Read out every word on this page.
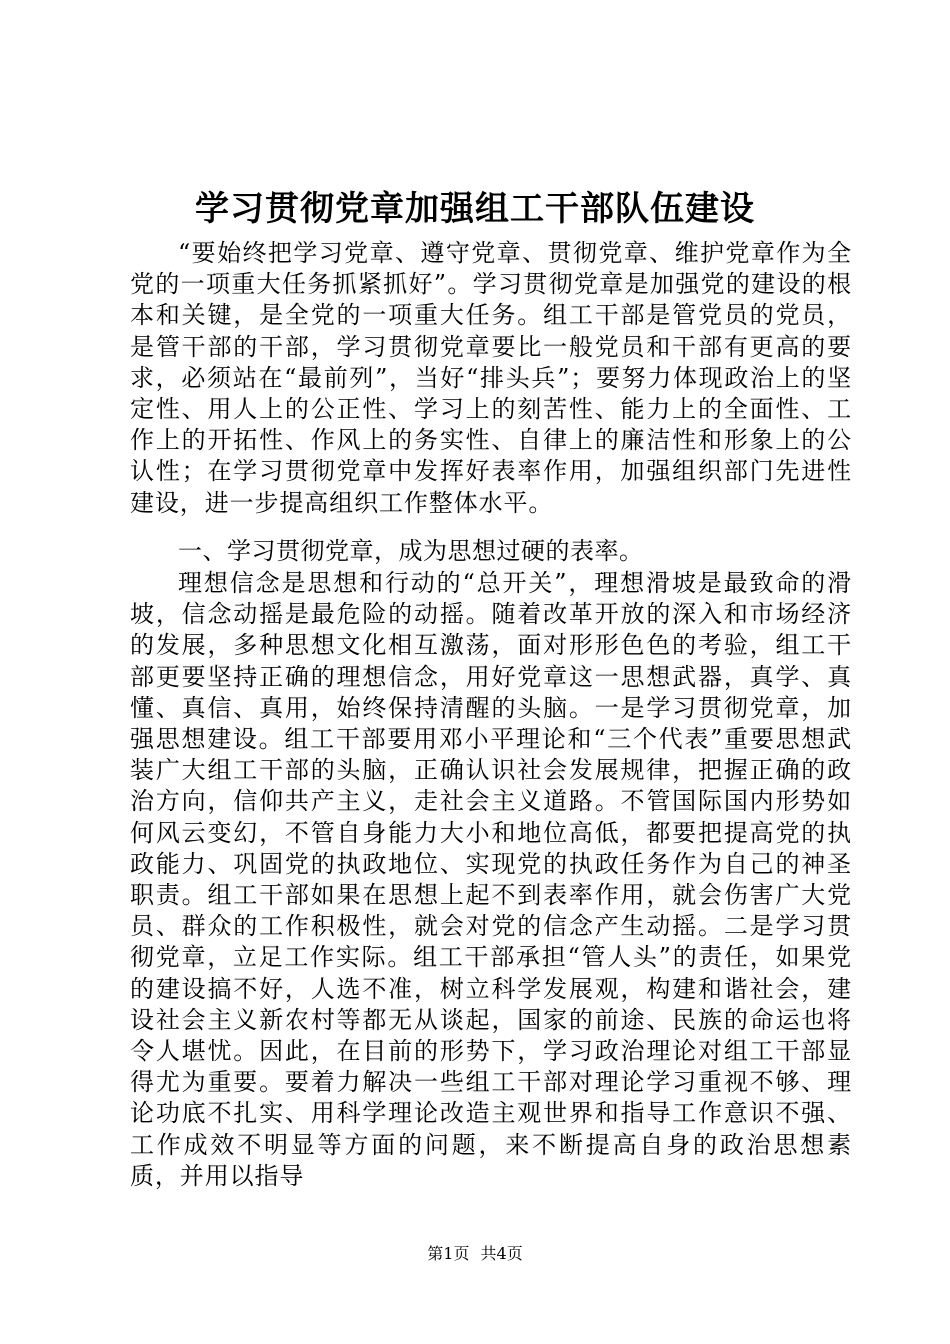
学习贯彻党章加强组工干部队伍建设

“要始终把学习党章、遵守党章、贯彻党章、维护党章作为全党的一项重大任务抓紧抓好”。学习贯彻党章是加强党的建设的根本和关键，是全党的一项重大任务。组工干部是管党员的党员，是管干部的干部，学习贯彻党章要比一般党员和干部有更高的要求，必须站在“最前列”，当好“排头兵”；要努力体现政治上的坚定性、用人上的公正性、学习上的刻苦性、能力上的全面性、工作上的开拓性、作风上的务实性、自律上的廉洁性和形象上的公认性；在学习贯彻党章中发挥好表率作用，加强组织部门先进性建设，进一步提高组织工作整体水平。

一、学习贯彻党章，成为思想过硬的表率。

理想信念是思想和行动的“总开关”，理想滑坡是最致命的滑坡，信念动摇是最危险的动摇。随着改革开放的深入和市场经济的发展，多种思想文化相互激荡，面对形形色色的考验，组工干部更要坚持正确的理想信念，用好党章这一思想武器，真学、真懂、真信、真用，始终保持清醒的头脑。一是学习贯彻党章，加强思想建设。组工干部要用邓小平理论和“三个代表”重要思想武装广大组工干部的头脑，正确认识社会发展规律，把握正确的政治方向，信仰共产主义，走社会主义道路。不管国际国内形势如何风云变幻，不管自身能力大小和地位高低，都要把提高党的执政能力、巩固党的执政地位、实现党的执政任务作为自己的神圣职责。组工干部如果在思想上起不到表率作用，就会伤害广大党员、群众的工作积极性，就会对党的信念产生动摇。二是学习贯彻党章，立足工作实际。组工干部承担“管人头”的责任，如果党的建设搞不好，人选不准，树立科学发展观，构建和谐社会，建设社会主义新农村等都无从谈起，国家的前途、民族的命运也将令人堪忧。因此，在目前的形势下，学习政治理论对组工干部显得尤为重要。要着力解决一些组工干部对理论学习重视不够、理论功底不扎实、用科学理论改造主观世界和指导工作意识不强、工作成效不明显等方面的问题，来不断提高自身的政治思想素质，并用以指导

第1页 共4页
